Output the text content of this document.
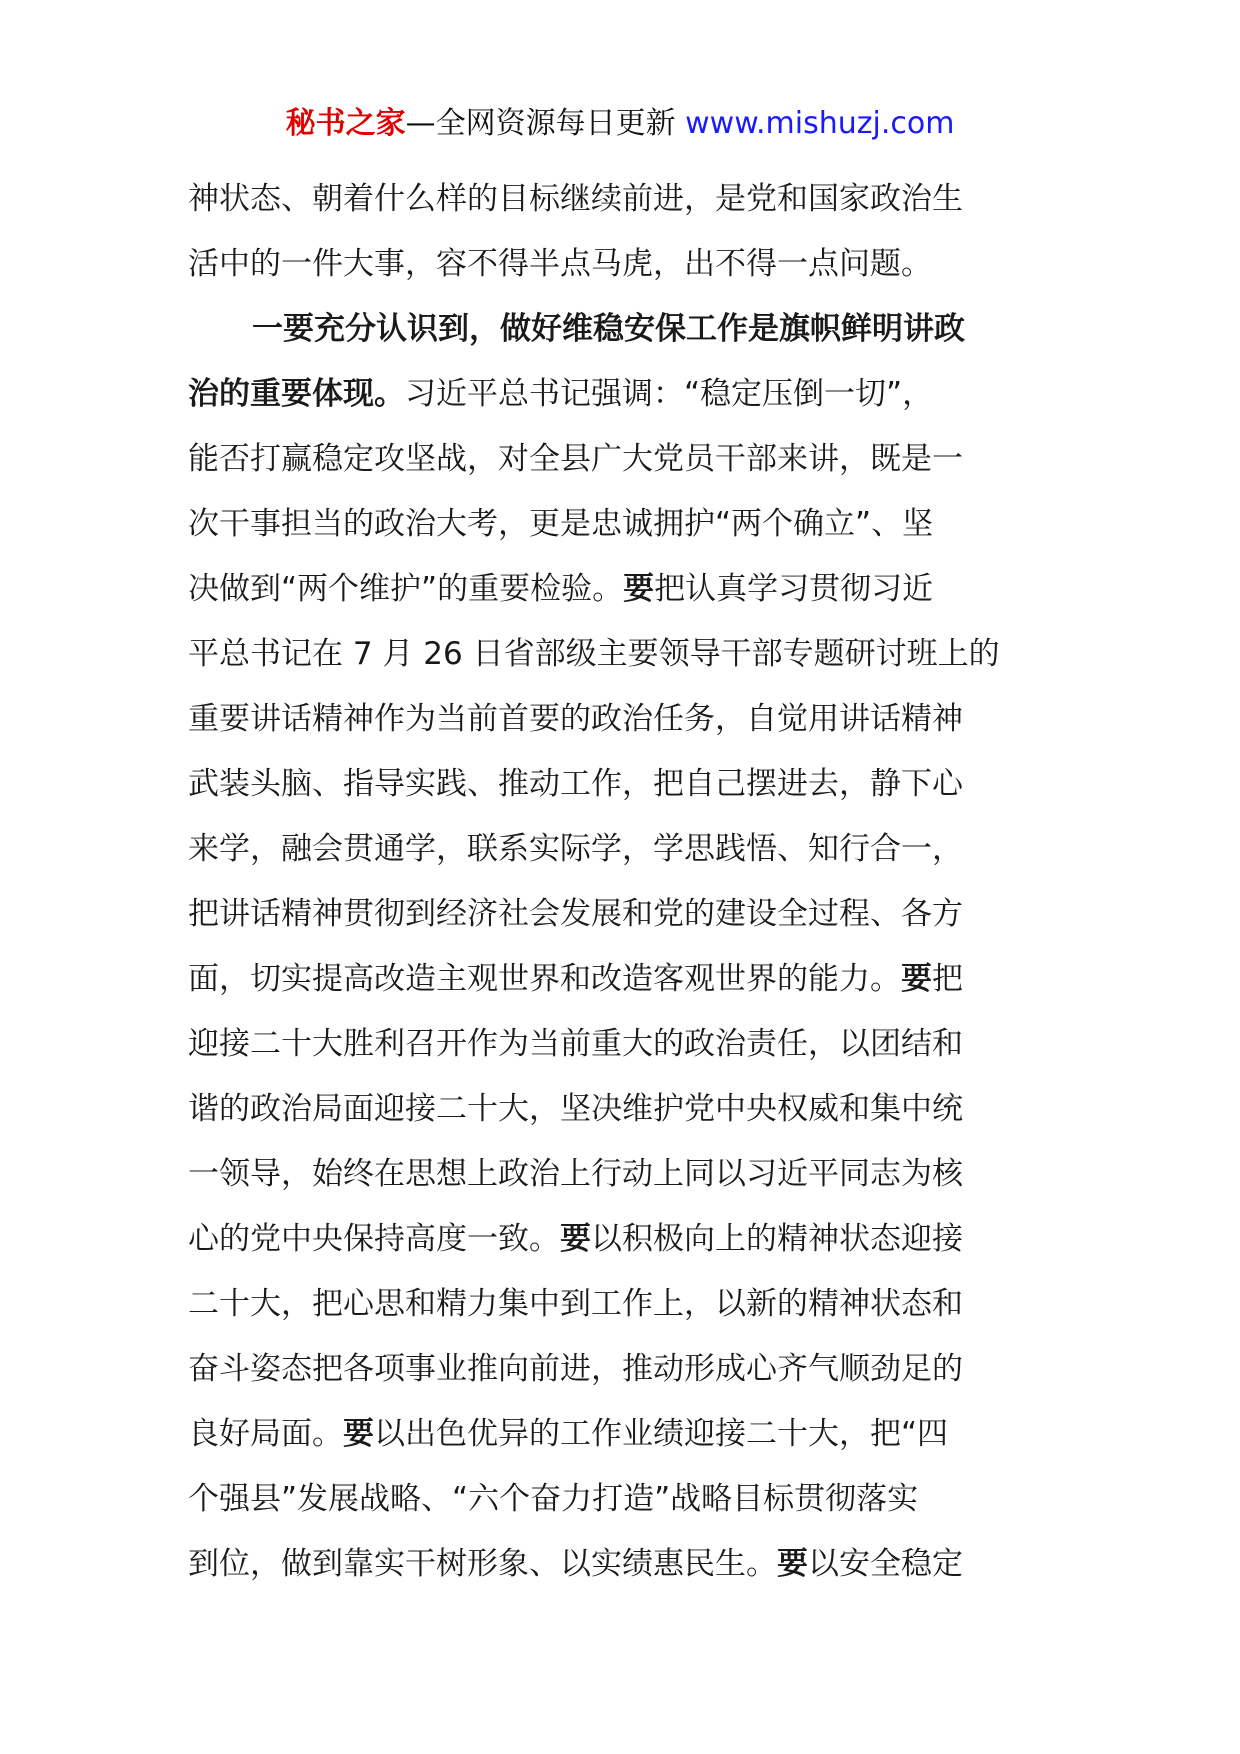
秘书之家—全网资源每日更新 www.mishuzj.com
神状态、朝着什么样的目标继续前进，是党和国家政治生
活中的一件大事，容不得半点马虎，出不得一点问题。
一要充分认识到，做好维稳安保工作是旗帜鲜明讲政
治的重要体现。习近平总书记强调：“稳定压倒一切”，
能否打赢稳定攻坚战，对全县广大党员干部来讲，既是一
次干事担当的政治大考，更是忠诚拥护“两个确立”、坚
决做到“两个维护”的重要检验。要把认真学习贯彻习近
平总书记在 7 月 26 日省部级主要领导干部专题研讨班上的
重要讲话精神作为当前首要的政治任务，自觉用讲话精神
武装头脑、指导实践、推动工作，把自己摆进去，静下心
来学，融会贯通学，联系实际学，学思践悟、知行合一，
把讲话精神贯彻到经济社会发展和党的建设全过程、各方
面，切实提高改造主观世界和改造客观世界的能力。要把
迎接二十大胜利召开作为当前重大的政治责任，以团结和
谐的政治局面迎接二十大，坚决维护党中央权威和集中统
一领导，始终在思想上政治上行动上同以习近平同志为核
心的党中央保持高度一致。要以积极向上的精神状态迎接
二十大，把心思和精力集中到工作上，以新的精神状态和
奋斗姿态把各项事业推向前进，推动形成心齐气顺劲足的
良好局面。要以出色优异的工作业绩迎接二十大，把“四
个强县”发展战略、“六个奋力打造”战略目标贯彻落实
到位，做到靠实干树形象、以实绩惠民生。要以安全稳定
